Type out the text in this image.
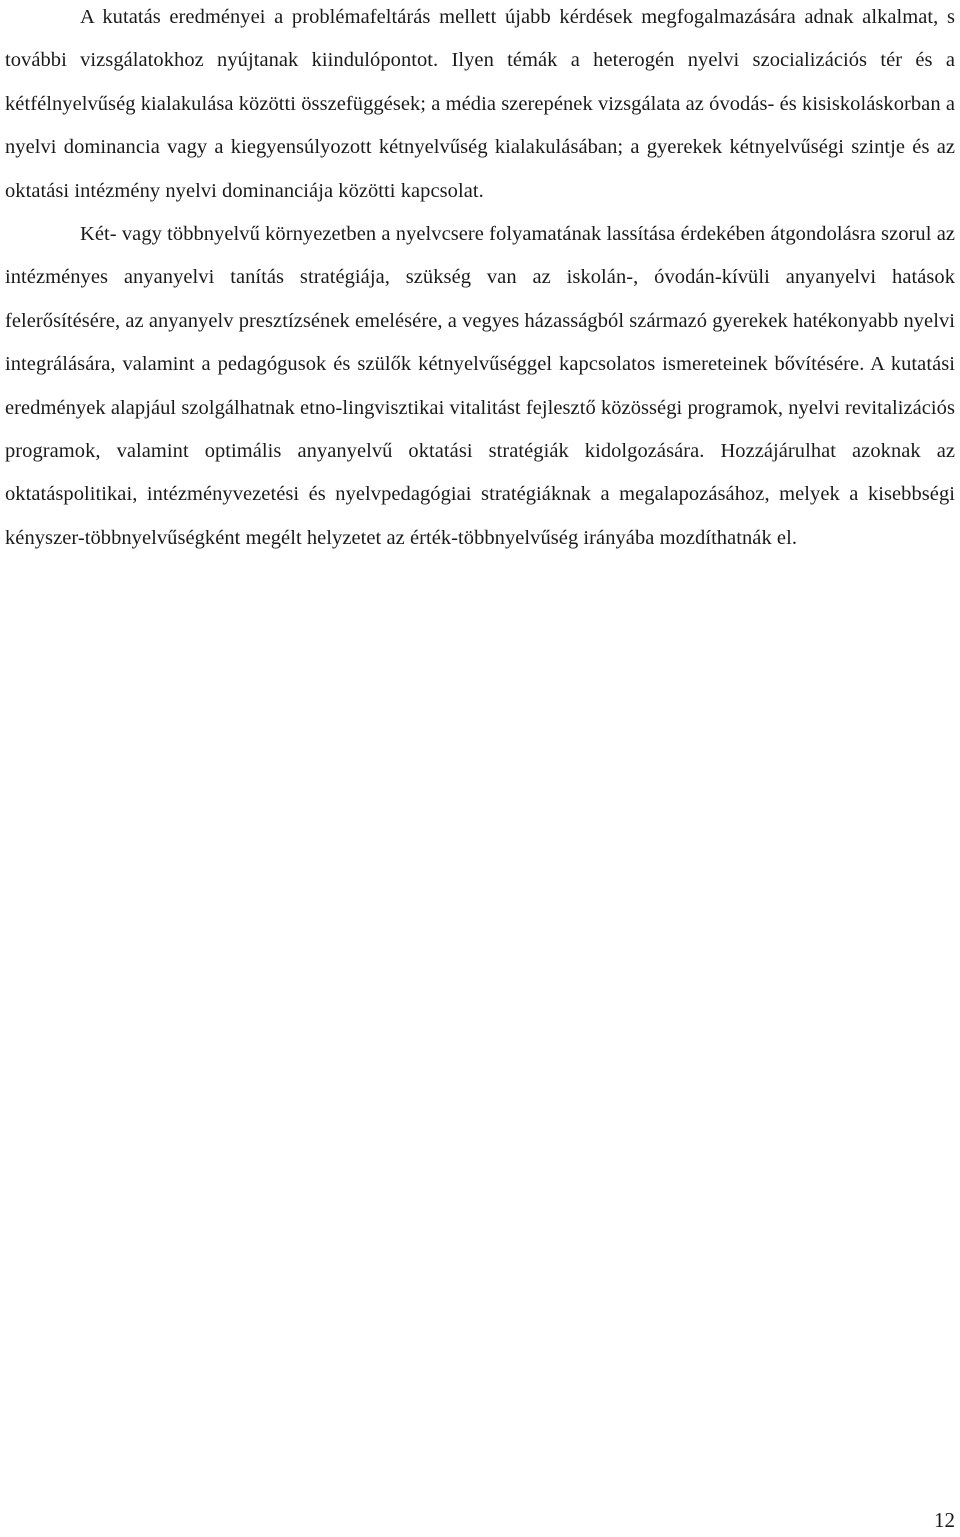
A kutatás eredményei a problémafeltárás mellett újabb kérdések megfogalmazására adnak alkalmat, s további vizsgálatokhoz nyújtanak kiindulópontot. Ilyen témák a heterogén nyelvi szocializációs tér és a kétfélnyelvűség kialakulása közötti összefüggések; a média szerepének vizsgálata az óvodás- és kisiskoláskorban a nyelvi dominancia vagy a kiegyensúlyozott kétnyelvűség kialakulásában; a gyerekek kétnyelvűségi szintje és az oktatási intézmény nyelvi dominanciája közötti kapcsolat.

Két- vagy többnyelvű környezetben a nyelvcsere folyamatának lassítása érdekében átgondolásra szorul az intézményes anyanyelvi tanítás stratégiája, szükség van az iskolán-, óvodán-kívüli anyanyelvi hatások felerősítésére, az anyanyelv presztízsének emelésére, a vegyes házasságból származó gyerekek hatékonyabb nyelvi integrálására, valamint a pedagógusok és szülők kétnyelvűséggel kapcsolatos ismereteinek bővítésére. A kutatási eredmények alapjául szolgálhatnak etno-lingvisztikai vitalitást fejlesztő közösségi programok, nyelvi revitalizációs programok, valamint optimális anyanyelvű oktatási stratégiák kidolgozására. Hozzájárulhat azoknak az oktatáspolitikai, intézményvezetési és nyelvpedagógiai stratégiáknak a megalapozásához, melyek a kisebbségi kényszer-többnyelvűségként megélt helyzetet az érték-többnyelvűség irányába mozdíthatnák el.

12
